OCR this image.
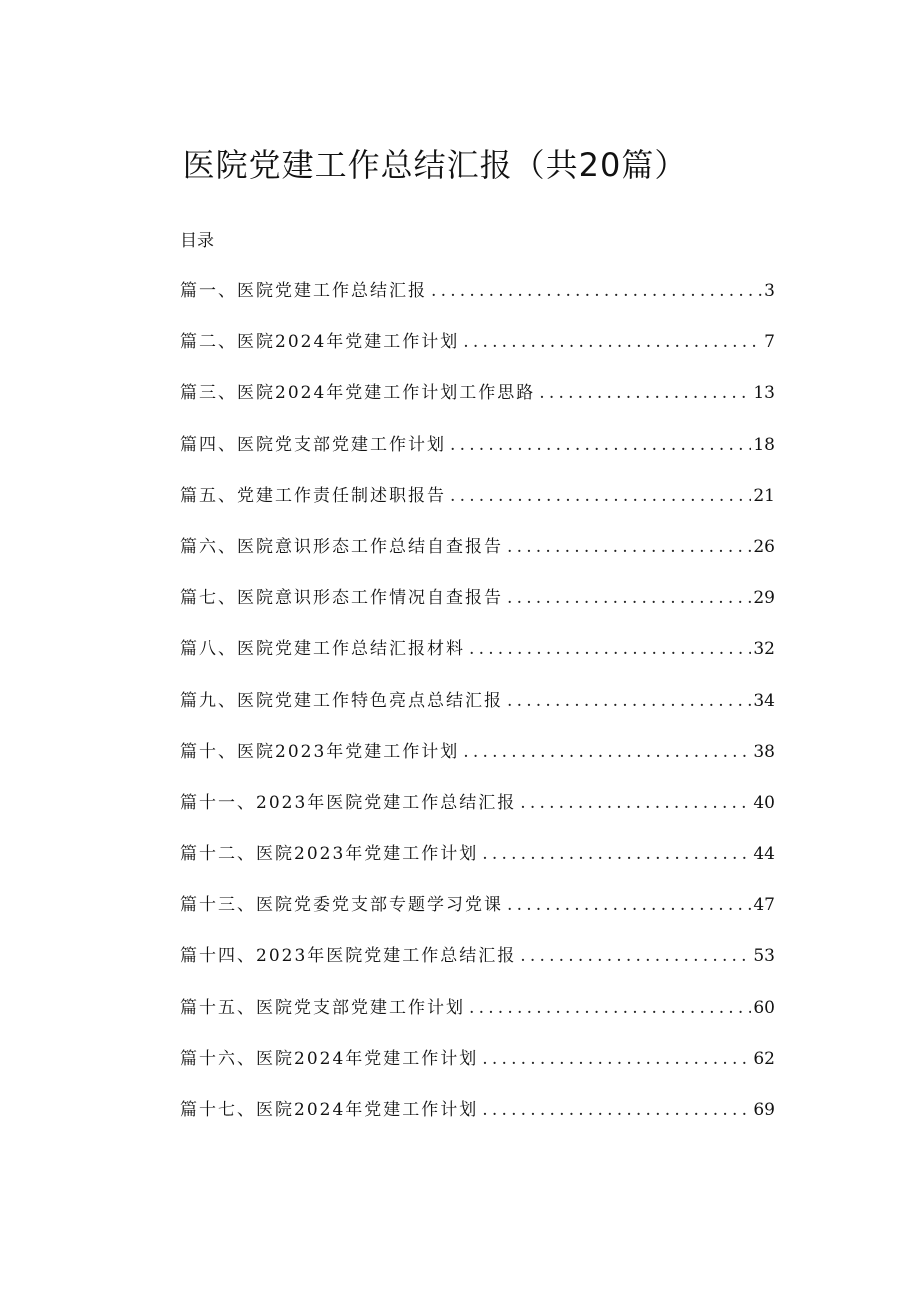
医院党建工作总结汇报（共20篇）
目录
篇一、医院党建工作总结汇报 .....	3
篇二、医院2024年党建工作计划 .....	7
篇三、医院2024年党建工作计划工作思路 .....	13
篇四、医院党支部党建工作计划 .....	18
篇五、党建工作责任制述职报告 .....	21
篇六、医院意识形态工作总结自查报告 .....	26
篇七、医院意识形态工作情况自查报告 .....	29
篇八、医院党建工作总结汇报材料 .....	32
篇九、医院党建工作特色亮点总结汇报 .....	34
篇十、医院2023年党建工作计划 .....	38
篇十一、2023年医院党建工作总结汇报 .....	40
篇十二、医院2023年党建工作计划 .....	44
篇十三、医院党委党支部专题学习党课 .....	47
篇十四、2023年医院党建工作总结汇报 .....	53
篇十五、医院党支部党建工作计划 .....	60
篇十六、医院2024年党建工作计划 .....	62
篇十七、医院2024年党建工作计划 .....	69
